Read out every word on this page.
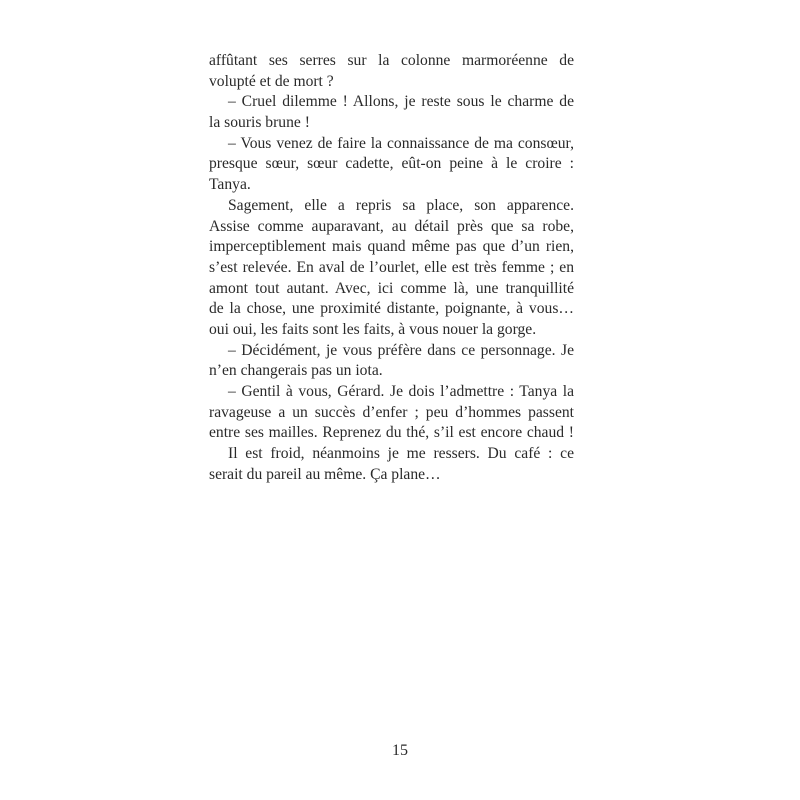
affûtant ses serres sur la colonne marmoréenne de
volupté et de mort ?
– Cruel dilemme ! Allons, je reste sous le charme de
la souris brune !
– Vous venez de faire la connaissance de ma consœur,
presque sœur, sœur cadette, eût-on peine à le croire :
Tanya.
Sagement, elle a repris sa place, son apparence.
Assise comme auparavant, au détail près que sa robe,
imperceptiblement mais quand même pas que d’un rien,
s’est relevée. En aval de l’ourlet, elle est très femme ; en
amont tout autant. Avec, ici comme là, une tranquillité
de la chose, une proximité distante, poignante, à vous…
oui oui, les faits sont les faits, à vous nouer la gorge.
– Décidément, je vous préfère dans ce personnage. Je
n’en changerais pas un iota.
– Gentil à vous, Gérard. Je dois l’admettre : Tanya la
ravageuse a un succès d’enfer ; peu d’hommes passent
entre ses mailles. Reprenez du thé, s’il est encore chaud !
Il est froid, néanmoins je me ressers. Du café : ce
serait du pareil au même. Ça plane…
15
